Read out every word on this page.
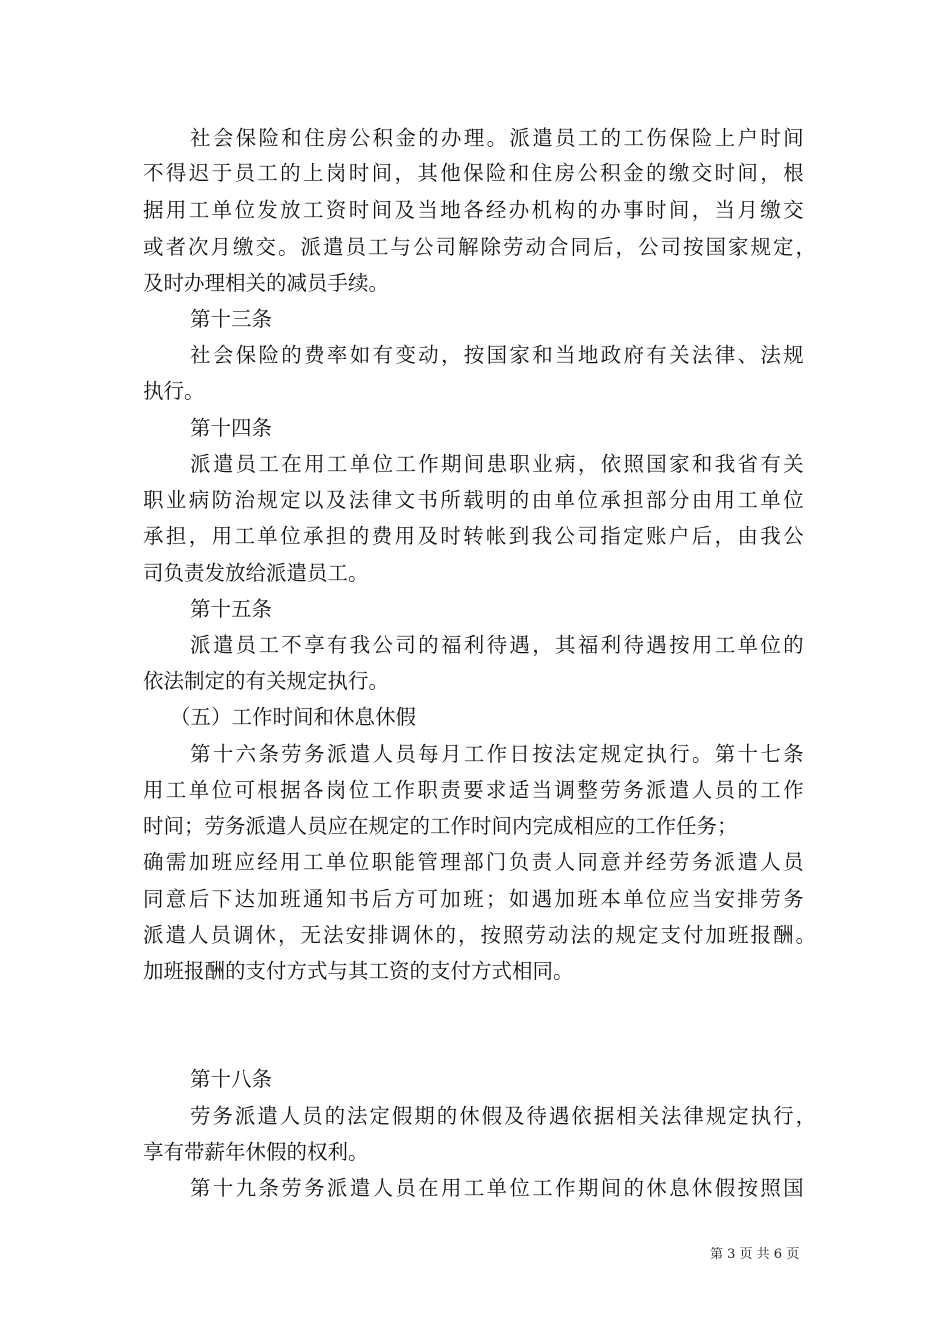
社会保险和住房公积金的办理。派遣员工的工伤保险上户时间
不得迟于员工的上岗时间，其他保险和住房公积金的缴交时间，根
据用工单位发放工资时间及当地各经办机构的办事时间，当月缴交
或者次月缴交。派遣员工与公司解除劳动合同后，公司按国家规定，
及时办理相关的减员手续。
第十三条
社会保险的费率如有变动，按国家和当地政府有关法律、法规
执行。
第十四条
派遣员工在用工单位工作期间患职业病，依照国家和我省有关
职业病防治规定以及法律文书所载明的由单位承担部分由用工单位
承担，用工单位承担的费用及时转帐到我公司指定账户后，由我公
司负责发放给派遣员工。
第十五条
派遣员工不享有我公司的福利待遇，其福利待遇按用工单位的
依法制定的有关规定执行。
（五）工作时间和休息休假
第十六条劳务派遣人员每月工作日按法定规定执行。第十七条
用工单位可根据各岗位工作职责要求适当调整劳务派遣人员的工作
时间；劳务派遣人员应在规定的工作时间内完成相应的工作任务；
确需加班应经用工单位职能管理部门负责人同意并经劳务派遣人员
同意后下达加班通知书后方可加班；如遇加班本单位应当安排劳务
派遣人员调休，无法安排调休的，按照劳动法的规定支付加班报酬。
加班报酬的支付方式与其工资的支付方式相同。
第十八条
劳务派遣人员的法定假期的休假及待遇依据相关法律规定执行，
享有带薪年休假的权利。
第十九条劳务派遣人员在用工单位工作期间的休息休假按照国
第 3 页 共 6 页
